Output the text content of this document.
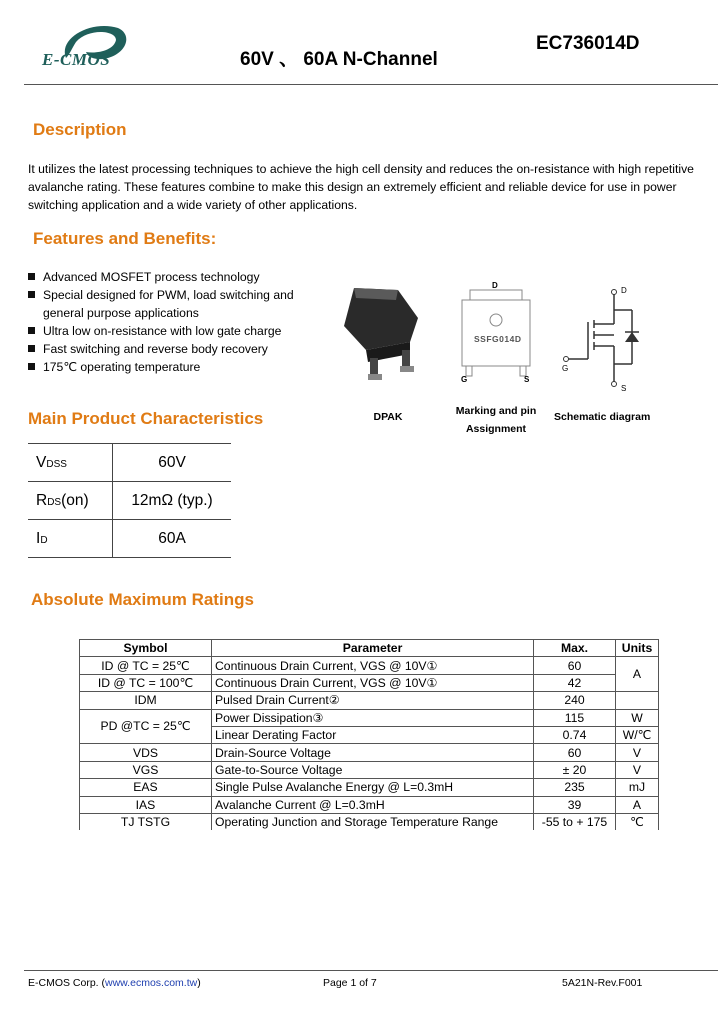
E-CMOS	60V 、 60A N-Channel
EC736014D
Description
It utilizes the latest processing techniques to achieve the high cell density and reduces the on-resistance with high repetitive
avalanche rating. These features combine to make this design an extremely efficient and reliable device for use in power
switching application and a wide variety of other applications.
Features and Benefits:
Advanced MOSFET process technology
Special designed for PWM, load switching and
general purpose applications
Ultra low on-resistance with low gate charge
Fast switching and reverse body recovery
175℃ operating temperature
DPAK
SSFG014D
D
G	S
Marking and pin
Assignment
D
G
S
Schematic diagram
Main Product Characteristics
VDSS	60V
RDS(on)	12mΩ (typ.)
ID	60A
Absolute Maximum Ratings
Symbol	Parameter	Max.	Units
ID @ TC = 25℃	Continuous Drain Current, VGS @ 10V①	60	A
ID @ TC = 100℃	Continuous Drain Current, VGS @ 10V①	42	
IDM	Pulsed Drain Current②	240	
PD @TC = 25℃	Power Dissipation③	115	W
	Linear Derating Factor	0.74	W/℃
VDS	Drain-Source Voltage	60	V
VGS	Gate-to-Source Voltage	± 20	V
EAS	Single Pulse Avalanche Energy @ L=0.3mH	235	mJ
IAS	Avalanche Current @ L=0.3mH	39	A
TJ TSTG	Operating Junction and Storage Temperature Range	-55 to + 175	℃
E-CMOS Corp. (www.ecmos.com.tw)	Page 1 of 7	5A21N-Rev.F001
